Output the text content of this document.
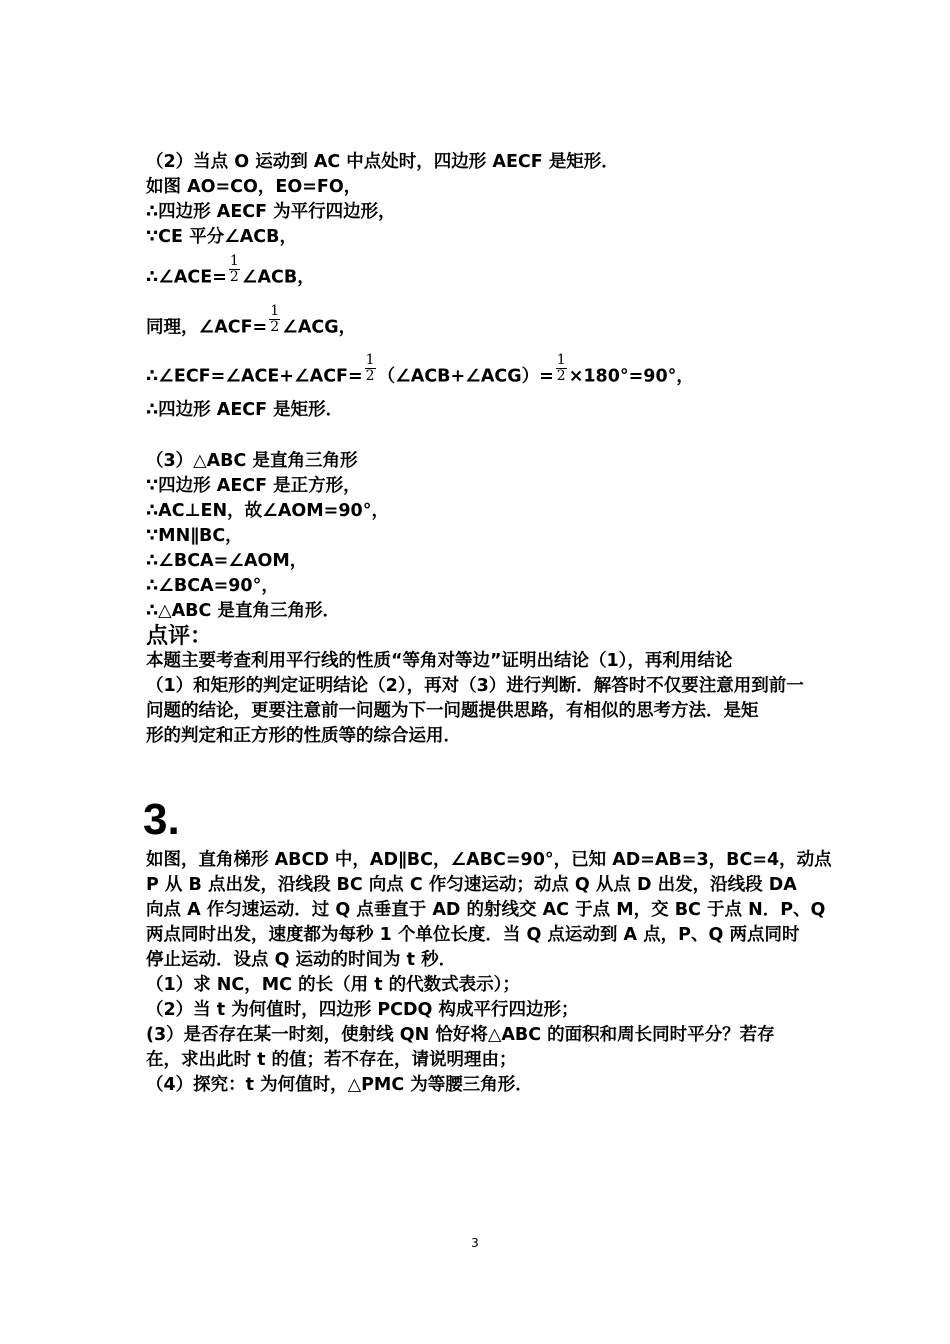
（2）当点 O 运动到 AC 中点处时，四边形 AECF 是矩形．
如图 AO=CO，EO=FO，
∴四边形 AECF 为平行四边形，
∵CE 平分∠ACB，
∴∠ACE= $\frac{1}{2}$ ∠ACB，
同理，∠ACF= $\frac{1}{2}$ ∠ACG，
∴∠ECF=∠ACE+∠ACF= $\frac{1}{2}$ （∠ACB+∠ACG）= $\frac{1}{2} \times 180^\circ=90^\circ$，
∴四边形 AECF 是矩形．
（3）△ABC 是直角三角形
∵四边形 AECF 是正方形，
∴AC⊥EN，故∠AOM=90°，
∵MN∥BC，
∴∠BCA=∠AOM，
∴∠BCA=90°，
∴△ABC 是直角三角形．
点评：
本题主要考查利用平行线的性质“等角对等边”证明出结论（1），再利用结论
（1）和矩形的判定证明结论（2），再对（3）进行判断．解答时不仅要注意用到前一
问题的结论，更要注意前一问题为下一问题提供思路，有相似的思考方法．是矩
形的判定和正方形的性质等的综合运用．
3.
如图，直角梯形 ABCD 中，AD∥BC，∠ABC=90°，已知 AD=AB=3，BC=4，动点
P 从 B 点出发，沿线段 BC 向点 C 作匀速运动；动点 Q 从点 D 出发，沿线段 DA
向点 A 作匀速运动．过 Q 点垂直于 AD 的射线交 AC 于点 M，交 BC 于点 N．P、Q
两点同时出发，速度都为每秒 1 个单位长度．当 Q 点运动到 A 点，P、Q 两点同时
停止运动．设点 Q 运动的时间为 t 秒．
（1）求 NC，MC 的长（用 t 的代数式表示）；
（2）当 t 为何值时，四边形 PCDQ 构成平行四边形；
(3）是否存在某一时刻，使射线 QN 恰好将△ABC 的面积和周长同时平分？若存
在，求出此时 t 的值；若不存在，请说明理由；
（4）探究：t 为何值时，△PMC 为等腰三角形．
3
